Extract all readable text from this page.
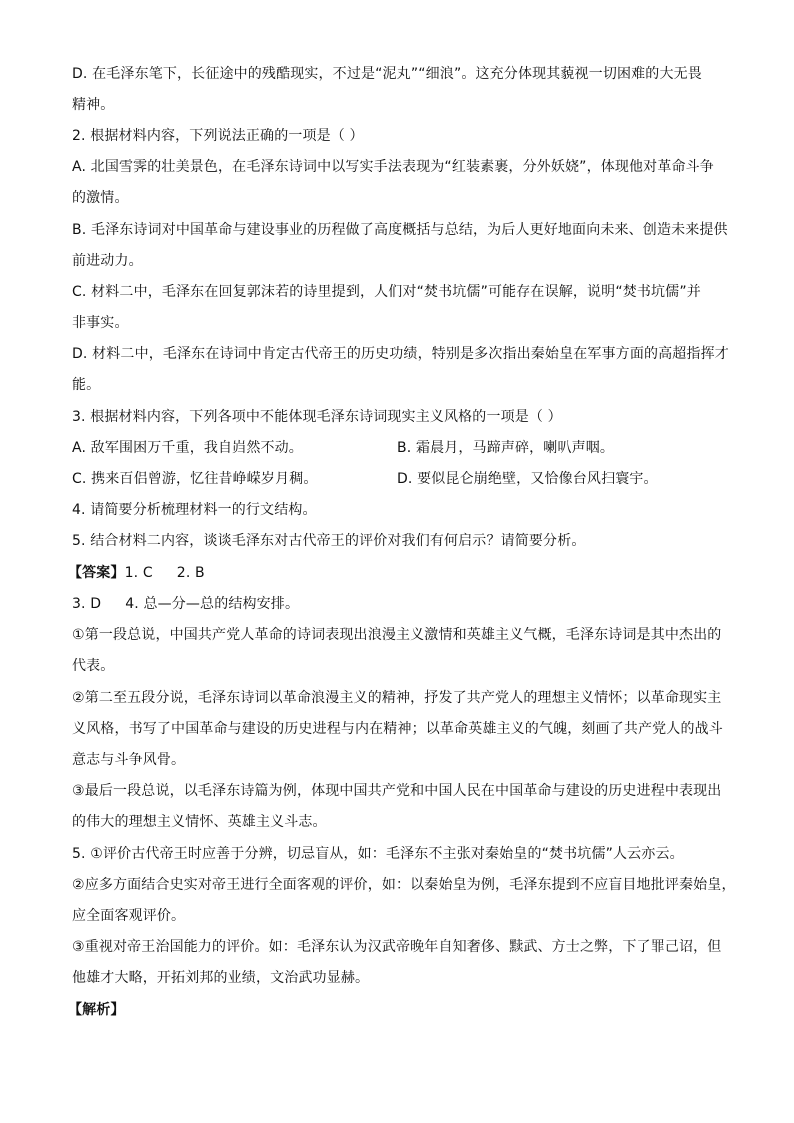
D. 在毛泽东笔下，长征途中的残酷现实，不过是“泥丸”“细浪”。这充分体现其藐视一切困难的大无畏
精神。
2. 根据材料内容，下列说法正确的一项是（ ）
A. 北国雪霁的壮美景色，在毛泽东诗词中以写实手法表现为“红装素裹，分外妖娆”，体现他对革命斗争
的激情。
B. 毛泽东诗词对中国革命与建设事业的历程做了高度概括与总结，为后人更好地面向未来、创造未来提供
前进动力。
C. 材料二中，毛泽东在回复郭沫若的诗里提到，人们对“焚书坑儒”可能存在误解，说明“焚书坑儒”并
非事实。
D. 材料二中，毛泽东在诗词中肯定古代帝王的历史功绩，特别是多次指出秦始皇在军事方面的高超指挥才
能。
3. 根据材料内容，下列各项中不能体现毛泽东诗词现实主义风格的一项是（ ）
A. 敌军围困万千重，我自岿然不动。	B. 霜晨月，马蹄声碎，喇叭声咽。
C. 携来百侣曾游，忆往昔峥嵘岁月稠。	D. 要似昆仑崩绝壁，又恰像台风扫寰宇。
4. 请简要分析梳理材料一的行文结构。
5. 结合材料二内容，谈谈毛泽东对古代帝王的评价对我们有何启示？请简要分析。
【答案】1. C 2. B
3. D 4. 总—分—总的结构安排。
①第一段总说，中国共产党人革命的诗词表现出浪漫主义激情和英雄主义气概，毛泽东诗词是其中杰出的
代表。
②第二至五段分说，毛泽东诗词以革命浪漫主义的精神，抒发了共产党人的理想主义情怀；以革命现实主
义风格，书写了中国革命与建设的历史进程与内在精神；以革命英雄主义的气魄，刻画了共产党人的战斗
意志与斗争风骨。
③最后一段总说，以毛泽东诗篇为例，体现中国共产党和中国人民在中国革命与建设的历史进程中表现出
的伟大的理想主义情怀、英雄主义斗志。
5. ①评价古代帝王时应善于分辨，切忌盲从，如：毛泽东不主张对秦始皇的“焚书坑儒”人云亦云。
②应多方面结合史实对帝王进行全面客观的评价，如：以秦始皇为例，毛泽东提到不应盲目地批评秦始皇，
应全面客观评价。
③重视对帝王治国能力的评价。如：毛泽东认为汉武帝晚年自知奢侈、黩武、方士之弊，下了罪己诏，但
他雄才大略，开拓刘邦的业绩，文治武功显赫。
【解析】
